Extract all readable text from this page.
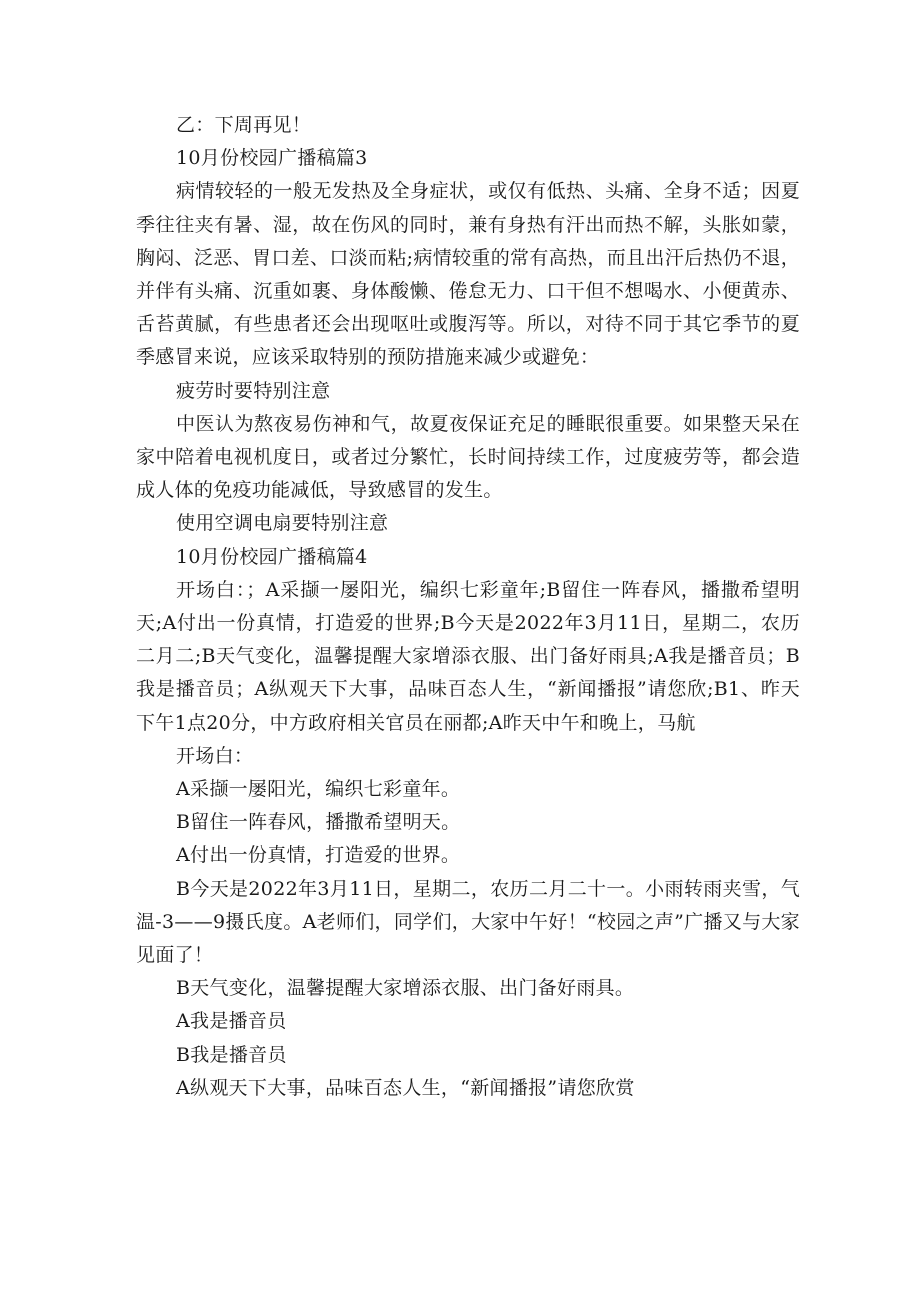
乙：下周再见！

10月份校园广播稿篇3

病情较轻的一般无发热及全身症状，或仅有低热、头痛、全身不适；因夏季往往夹有暑、湿，故在伤风的同时，兼有身热有汗出而热不解，头胀如蒙，胸闷、泛恶、胃口差、口淡而粘;病情较重的常有高热，而且出汗后热仍不退，并伴有头痛、沉重如裹、身体酸懒、倦怠无力、口干但不想喝水、小便黄赤、舌苔黄腻，有些患者还会出现呕吐或腹泻等。所以，对待不同于其它季节的夏季感冒来说，应该采取特别的预防措施来减少或避免：

疲劳时要特别注意

中医认为熬夜易伤神和气，故夏夜保证充足的睡眠很重要。如果整天呆在家中陪着电视机度日，或者过分繁忙，长时间持续工作，过度疲劳等，都会造成人体的免疫功能减低，导致感冒的发生。

使用空调电扇要特别注意

10月份校园广播稿篇4

开场白：；A采撷一屡阳光，编织七彩童年;B留住一阵春风，播撒希望明天;A付出一份真情，打造爱的世界;B今天是2022年3月11日，星期二，农历二月二;B天气变化，温馨提醒大家增添衣服、出门备好雨具;A我是播音员；B我是播音员；A纵观天下大事，品味百态人生，“新闻播报”请您欣;B1、昨天下午1点20分，中方政府相关官员在丽都;A昨天中午和晚上，马航

开场白：

A采撷一屡阳光，编织七彩童年。

B留住一阵春风，播撒希望明天。

A付出一份真情，打造爱的世界。

B今天是2022年3月11日，星期二，农历二月二十一。小雨转雨夹雪，气温-3——9摄氏度。A老师们，同学们，大家中午好！“校园之声”广播又与大家见面了！

B天气变化，温馨提醒大家增添衣服、出门备好雨具。

A我是播音员

B我是播音员

A纵观天下大事，品味百态人生，“新闻播报”请您欣赏
